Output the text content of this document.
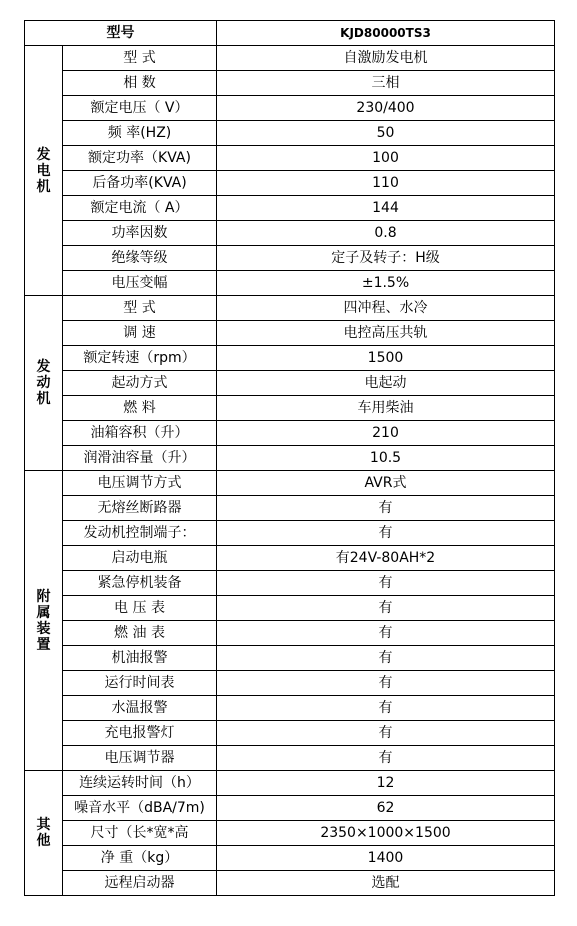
型号		KJD80000TS3
发电机	型 式	自激励发电机
	相 数	三相
	额定电压（ V）	230/400
	频 率(HZ)	50
	额定功率（KVA)	100
	后备功率(KVA)	110
	额定电流（ A）	144
	功率因数	0.8
	绝缘等级	定子及转子：H级
	电压变幅	±1.5%
发动机	型 式	四冲程、水冷
	调 速	电控高压共轨
	额定转速（rpm）	1500
	起动方式	电起动
	燃 料	车用柴油
	油箱容积（升）	210
	润滑油容量（升）	10.5
附属装置	电压调节方式	AVR式
	无熔丝断路器	有
	发动机控制端子：	有
	启动电瓶	有24V-80AH*2
	紧急停机装备	有
	电 压 表	有
	燃 油 表	有
	机油报警	有
	运行时间表	有
	水温报警	有
	充电报警灯	有
	电压调节器	有
其他	连续运转时间（h）	12
	噪音水平（dBA/7m)	62
	尺寸（长*宽*高	2350×1000×1500
	净 重（kg）	1400
	远程启动器	选配
